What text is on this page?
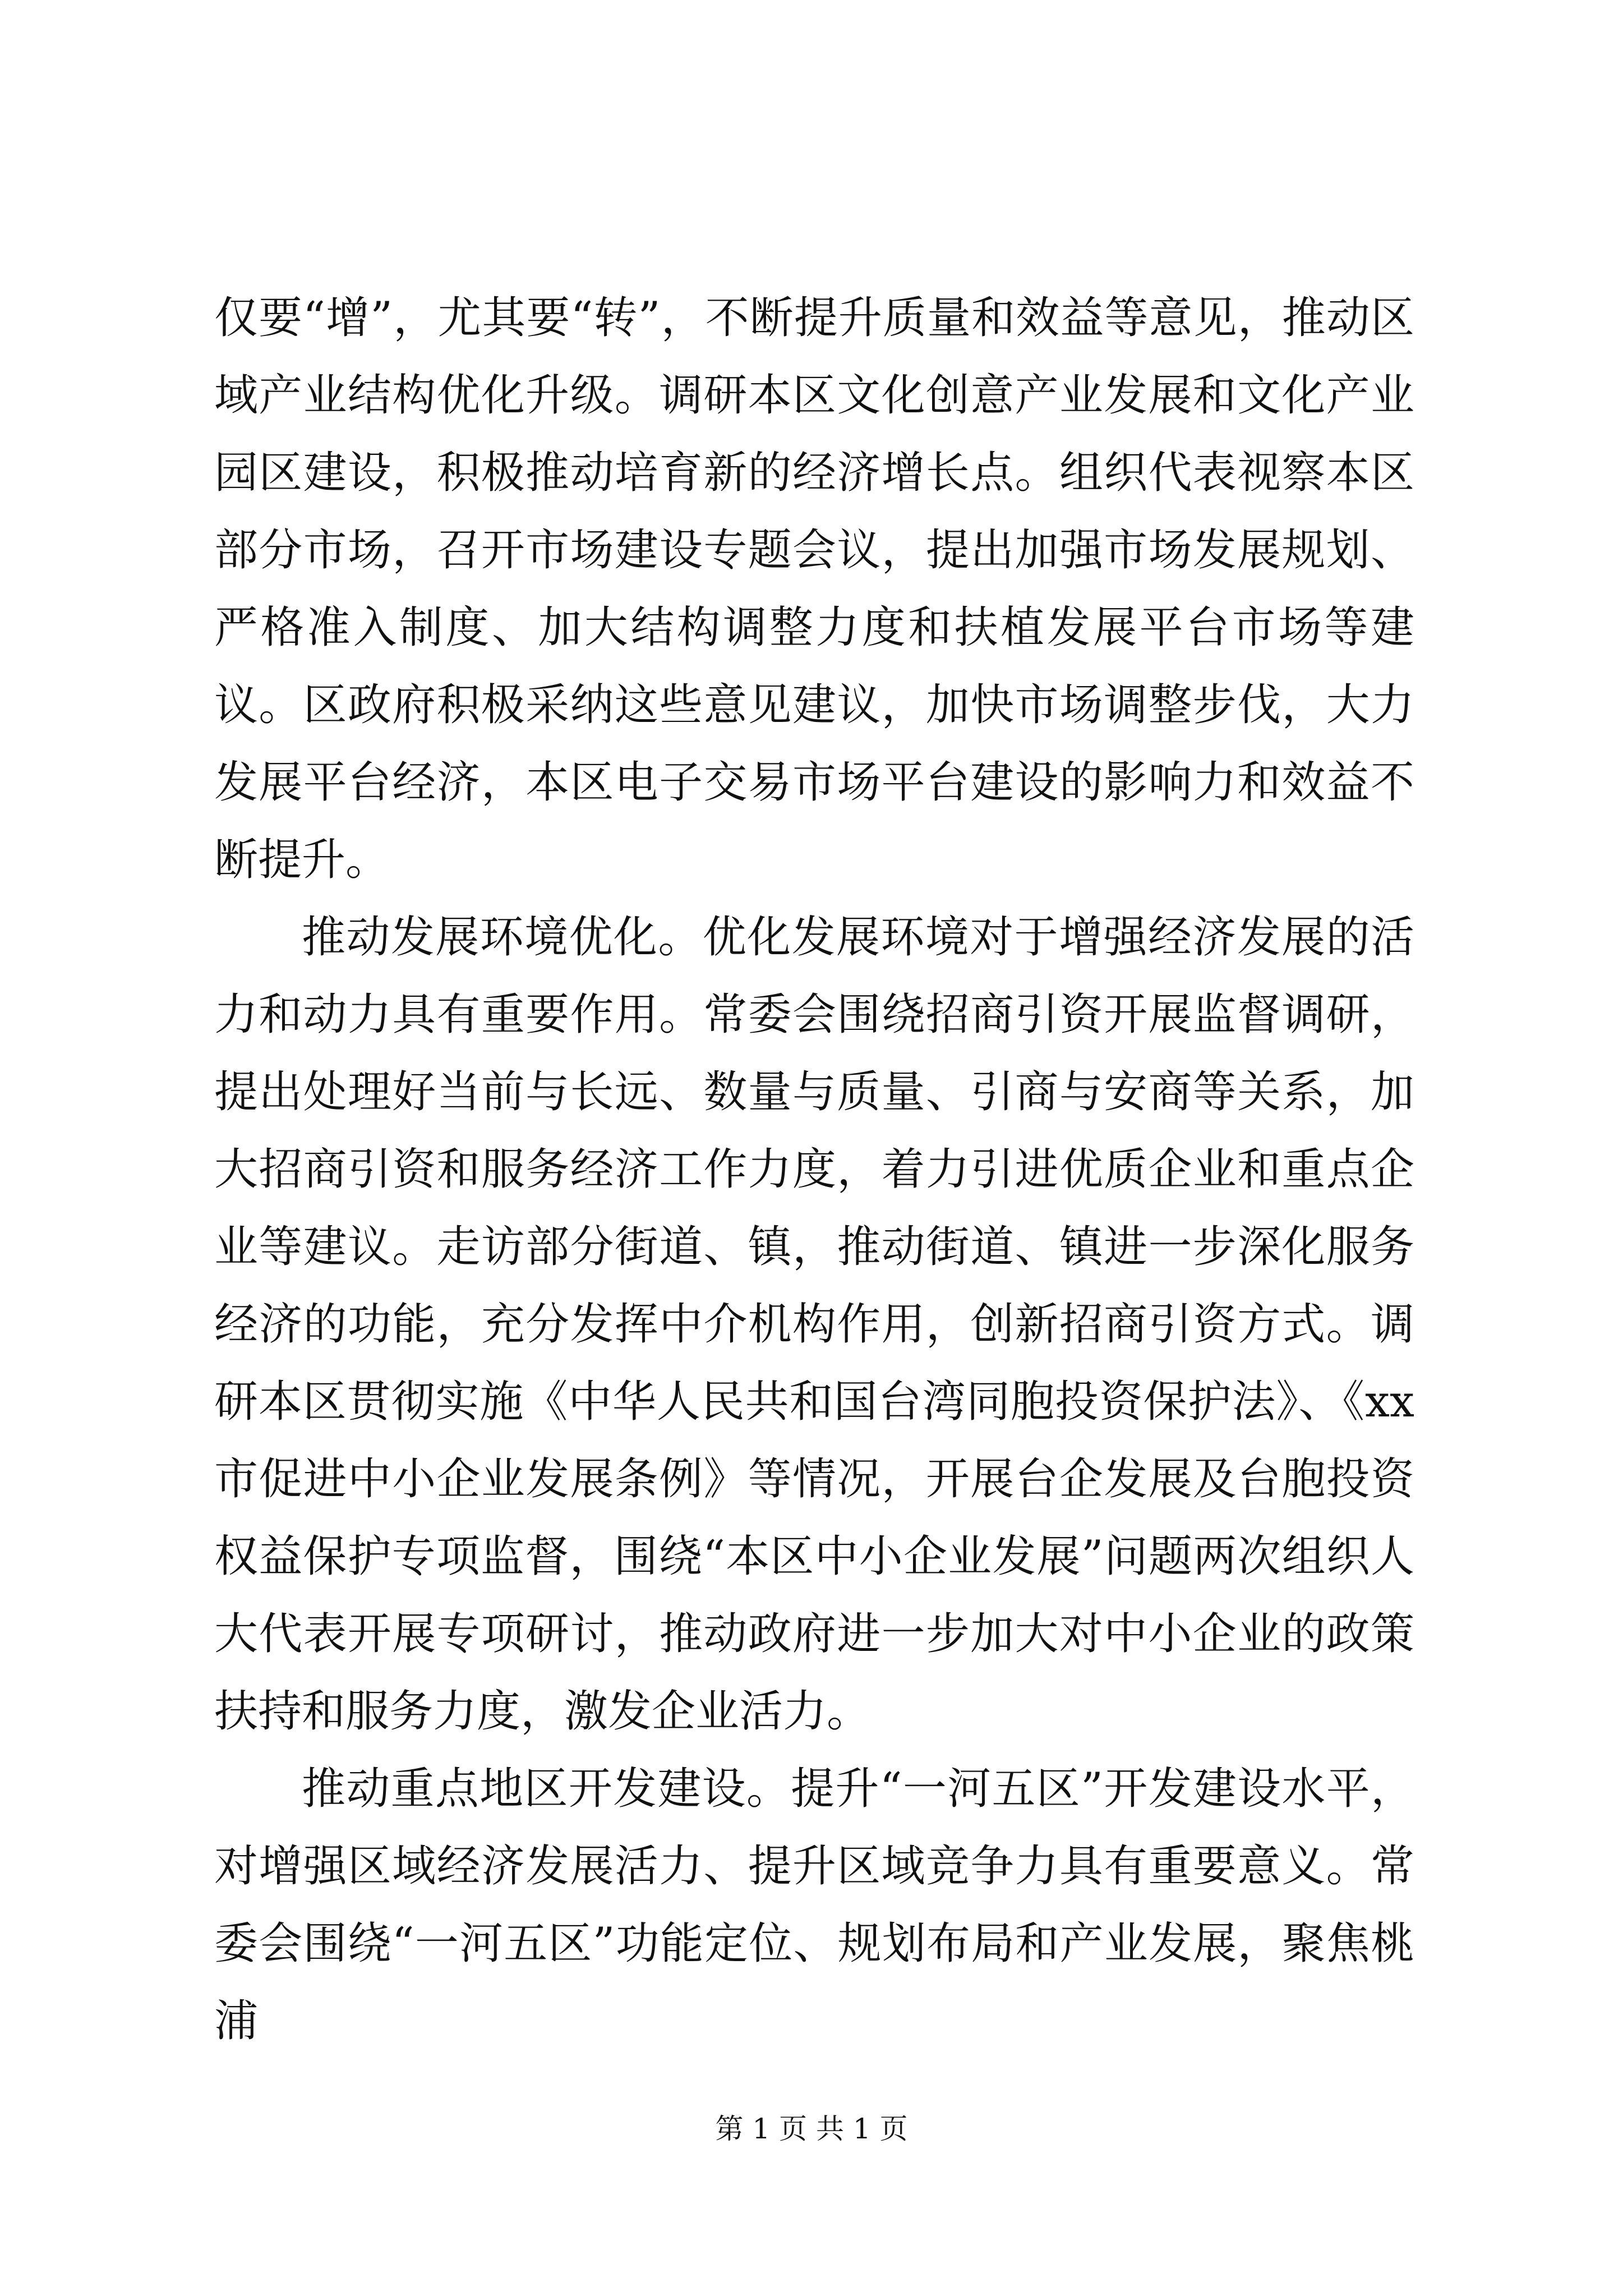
仅要“增”，尤其要“转”，不断提升质量和效益等意见，推动区域产业结构优化升级。调研本区文化创意产业发展和文化产业园区建设，积极推动培育新的经济增长点。组织代表视察本区部分市场，召开市场建设专题会议，提出加强市场发展规划、严格准入制度、加大结构调整力度和扶植发展平台市场等建议。区政府积极采纳这些意见建议，加快市场调整步伐，大力发展平台经济，本区电子交易市场平台建设的影响力和效益不断提升。

推动发展环境优化。优化发展环境对于增强经济发展的活力和动力具有重要作用。常委会围绕招商引资开展监督调研，提出处理好当前与长远、数量与质量、引商与安商等关系，加大招商引资和服务经济工作力度，着力引进优质企业和重点企业等建议。走访部分街道、镇，推动街道、镇进一步深化服务经济的功能，充分发挥中介机构作用，创新招商引资方式。调研本区贯彻实施《中华人民共和国台湾同胞投资保护法》、《xx市促进中小企业发展条例》等情况，开展台企发展及台胞投资权益保护专项监督，围绕“本区中小企业发展”问题两次组织人大代表开展专项研讨，推动政府进一步加大对中小企业的政策扶持和服务力度，激发企业活力。

推动重点地区开发建设。提升“一河五区”开发建设水平，对增强区域经济发展活力、提升区域竞争力具有重要意义。常委会围绕“一河五区”功能定位、规划布局和产业发展，聚焦桃浦

第 1 页 共 1 页
